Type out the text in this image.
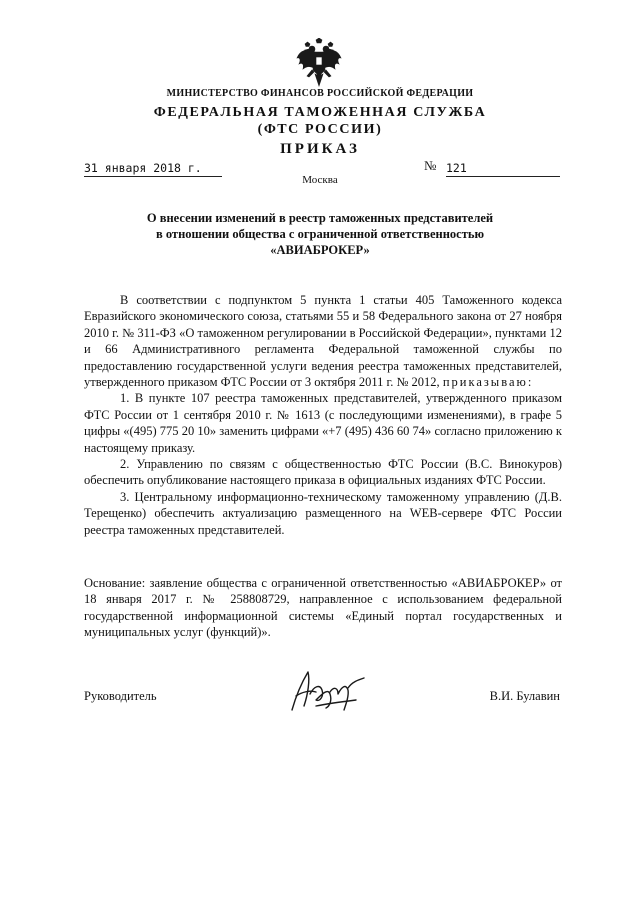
МИНИСТЕРСТВО ФИНАНСОВ РОССИЙСКОЙ ФЕДЕРАЦИИ
ФЕДЕРАЛЬНАЯ ТАМОЖЕННАЯ СЛУЖБА
(ФТС РОССИИ)
ПРИКАЗ
31 января 2018 г.	№ 121
Москва
О внесении изменений в реестр таможенных представителей
в отношении общества с ограниченной ответственностью
«АВИАБРОКЕР»

В соответствии с подпунктом 5 пункта 1 статьи 405 Таможенного кодекса Евразийского экономического союза, статьями 55 и 58 Федерального закона от 27 ноября 2010 г. № 311-ФЗ «О таможенном регулировании в Российской Федерации», пунктами 12 и 66 Административного регламента Федеральной таможенной службы по предоставлению государственной услуги ведения реестра таможенных представителей, утвержденного приказом ФТС России от 3 октября 2011 г. № 2012, приказываю:

1. В пункте 107 реестра таможенных представителей, утвержденного приказом ФТС России от 1 сентября 2010 г. № 1613 (с последующими изменениями), в графе 5 цифры «(495) 775 20 10» заменить цифрами «+7 (495) 436 60 74» согласно приложению к настоящему приказу.

2. Управлению по связям с общественностью ФТС России (В.С. Винокуров) обеспечить опубликование настоящего приказа в официальных изданиях ФТС России.

3. Центральному информационно-техническому таможенному управлению (Д.В. Терещенко) обеспечить актуализацию размещенного на WEB-сервере ФТС России реестра таможенных представителей.

Основание: заявление общества с ограниченной ответственностью «АВИАБРОКЕР» от 18 января 2017 г. № 258808729, направленное с использованием федеральной государственной информационной системы «Единый портал государственных и муниципальных услуг (функций)».

Руководитель	В.И. Булавин
